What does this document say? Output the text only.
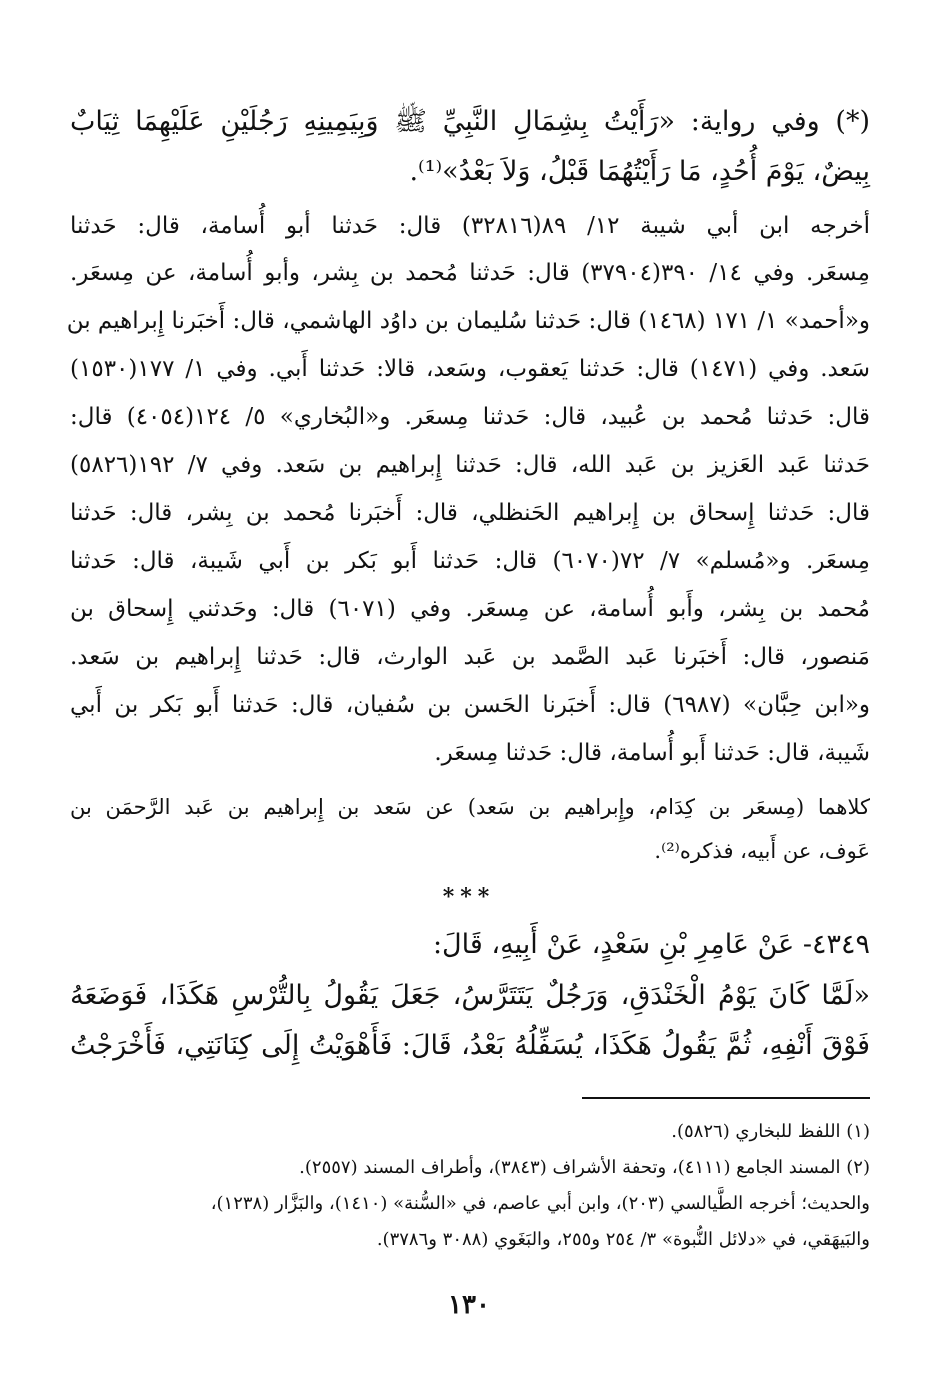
(*) وفي رواية: «رَأَيْتُ بِشِمَالِ النَّبِيِّ ﷺ وَبِيَمِينِهِ رَجُلَيْنِ عَلَيْهِمَا ثِيَابٌ
بِيضٌ، يَوْمَ أُحُدٍ، مَا رَأَيْتُهُمَا قَبْلُ، وَلاَ بَعْدُ»⁽¹⁾.
أخرجه ابن أبي شيبة ١٢/ ٨٩(٣٢٨١٦) قال: حَدثنا أبو أُسامة، قال: حَدثنا
مِسعَر. وفي ١٤/ ٣٩٠(٣٧٩٠٤) قال: حَدثنا مُحمد بن بِشر، وأبو أُسامة، عن مِسعَر.
و«أحمد» ١/ ١٧١ (١٤٦٨) قال: حَدثنا سُليمان بن داوُد الهاشمي، قال: أَخبَرنا إِبراهيم بن
سَعد. وفي (١٤٧١) قال: حَدثنا يَعقوب، وسَعد، قالا: حَدثنا أَبي. وفي ١/ ١٧٧(١٥٣٠)
قال: حَدثنا مُحمد بن عُبيد، قال: حَدثنا مِسعَر. و«البُخاري» ٥/ ١٢٤(٤٠٥٤) قال:
حَدثنا عَبد العَزيز بن عَبد الله، قال: حَدثنا إِبراهيم بن سَعد. وفي ٧/ ١٩٢(٥٨٢٦)
قال: حَدثنا إِسحاق بن إِبراهيم الحَنظلي، قال: أَخبَرنا مُحمد بن بِشر، قال: حَدثنا
مِسعَر. و«مُسلم» ٧/ ٧٢(٦٠٧٠) قال: حَدثنا أَبو بَكر بن أَبي شَيبة، قال: حَدثنا
مُحمد بن بِشر، وأَبو أُسامة، عن مِسعَر. وفي (٦٠٧١) قال: وحَدثني إِسحاق بن
مَنصور، قال: أَخبَرنا عَبد الصَّمد بن عَبد الوارث، قال: حَدثنا إِبراهيم بن سَعد.
و«ابن حِبَّان» (٦٩٨٧) قال: أَخبَرنا الحَسن بن سُفيان، قال: حَدثنا أَبو بَكر بن أَبي
شَيبة، قال: حَدثنا أَبو أُسامة، قال: حَدثنا مِسعَر.
كلاهما (مِسعَر بن كِدَام، وإِبراهيم بن سَعد) عن سَعد بن إِبراهيم بن عَبد الرَّحمَن بن
عَوف، عن أَبيه، فذكره⁽²⁾.
***
٤٣٤٩- عَنْ عَامِرِ بْنِ سَعْدٍ، عَنْ أَبِيهِ، قَالَ:
«لَمَّا كَانَ يَوْمُ الْخَنْدَقِ، وَرَجُلٌ يَتَتَرَّسُ، جَعَلَ يَقُولُ بِالتُّرْسِ هَكَذَا، فَوَضَعَهُ
فَوْقَ أَنْفِهِ، ثُمَّ يَقُولُ هَكَذَا، يُسَفِّلُهُ بَعْدُ، قَالَ: فَأَهْوَيْتُ إِلَى كِنَانَتِي، فَأَخْرَجْتُ
(١) اللفظ للبخاري (٥٨٢٦).
(٢) المسند الجامع (٤١١١)، وتحفة الأشراف (٣٨٤٣)، وأطراف المسند (٢٥٥٧).
والحديث؛ أخرجه الطَّيالسي (٢٠٣)، وابن أبي عاصم، في «السُّنة» (١٤١٠)، والبَزَّار (١٢٣٨)،
والبَيهَقي، في «دلائل النُّبوة» ٣/ ٢٥٤ و٢٥٥، والبَغَوي (٣٠٨٨ و٣٧٨٦).
١٣٠
